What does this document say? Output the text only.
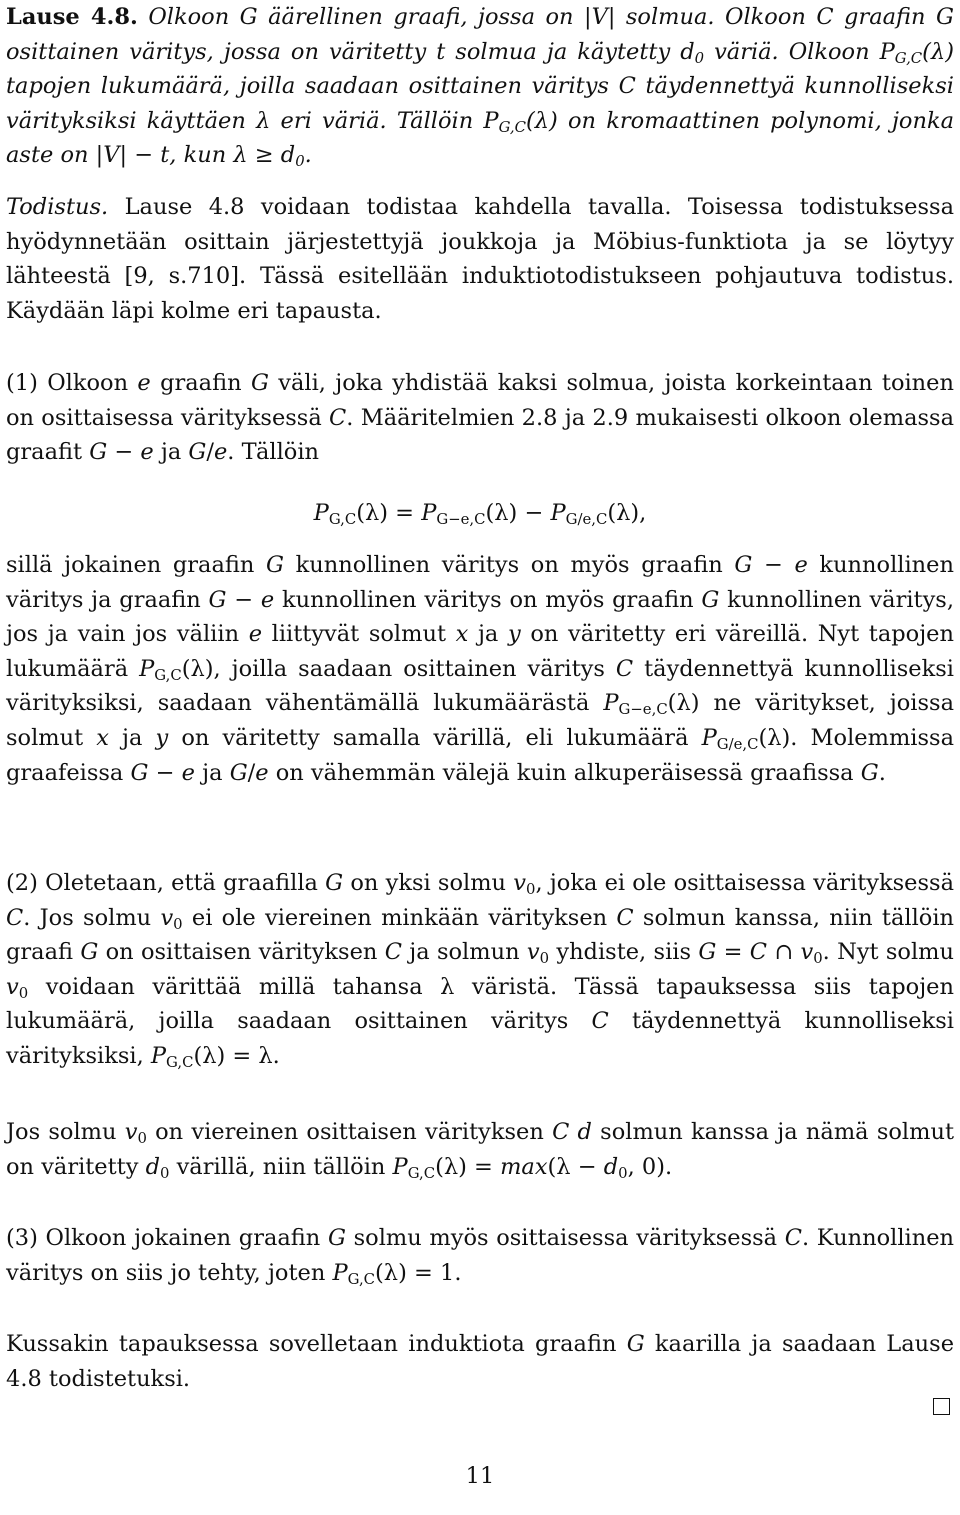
Lause 4.8. Olkoon G äärellinen graafi, jossa on |V| solmua. Olkoon C graafin G osittainen väritys, jossa on väritetty t solmua ja käytetty $d_0$ väriä. Olkoon $P_{G,C}(\lambda)$ tapojen lukumäärä, joilla saadaan osittainen väritys C täydennettyä kunnolliseksi värityksiksi käyttäen λ eri väriä. Tällöin $P_{G,C}(\lambda)$ on kromaattinen polynomi, jonka aste on |V| − t, kun $\lambda \ge d_0$.

Todistus. Lause 4.8 voidaan todistaa kahdella tavalla. Toisessa todistuksessa hyödynnetään osittain järjestettyjä joukkoja ja Möbius-funktiota ja se löytyy lähteestä [9, s.710]. Tässä esitellään induktiotodistukseen pohjautuva todistus. Käydään läpi kolme eri tapausta.

(1) Olkoon e graafin G väli, joka yhdistää kaksi solmua, joista korkeintaan toinen on osittaisessa värityksessä C. Määritelmien 2.8 ja 2.9 mukaisesti olkoon olemassa graafit G − e ja G/e. Tällöin

$P_{G,C}(\lambda) = P_{G-e,C}(\lambda) - P_{G/e,C}(\lambda)$,

sillä jokainen graafin G kunnollinen väritys on myös graafin G − e kunnollinen väritys ja graafin G − e kunnollinen väritys on myös graafin G kunnollinen väritys, jos ja vain jos väliin e liittyvät solmut x ja y on väritetty eri väreillä. Nyt tapojen lukumäärä $P_{G,C}(\lambda)$, joilla saadaan osittainen väritys C täydennettyä kunnolliseksi värityksiksi, saadaan vähentämällä lukumäärästä $P_{G-e,C}(\lambda)$ ne väritykset, joissa solmut x ja y on väritetty samalla värillä, eli lukumäärä $P_{G/e,C}(\lambda)$. Molemmissa graafeissa G − e ja G/e on vähemmän välejä kuin alkuperäisessä graafissa G.

(2) Oletetaan, että graafilla G on yksi solmu $v_0$, joka ei ole osittaisessa värityksessä C. Jos solmu $v_0$ ei ole viereinen minkään värityksen C solmun kanssa, niin tällöin graafi G on osittaisen värityksen C ja solmun $v_0$ yhdiste, siis G = C ∩ $v_0$. Nyt solmu $v_0$ voidaan värittää millä tahansa λ väristä. Tässä tapauksessa siis tapojen lukumäärä, joilla saadaan osittainen väritys C täydennettyä kunnolliseksi värityksiksi, $P_{G,C}(\lambda) = \lambda$.

Jos solmu $v_0$ on viereinen osittaisen värityksen C d solmun kanssa ja nämä solmut on väritetty $d_0$ värillä, niin tällöin $P_{G,C}(\lambda) = \max(\lambda - d_0$, 0).

(3) Olkoon jokainen graafin G solmu myös osittaisessa värityksessä C. Kunnollinen väritys on siis jo tehty, joten $P_{G,C}(\lambda) = 1$.

Kussakin tapauksessa sovelletaan induktiota graafin G kaarilla ja saadaan Lause 4.8 todistetuksi.

11
